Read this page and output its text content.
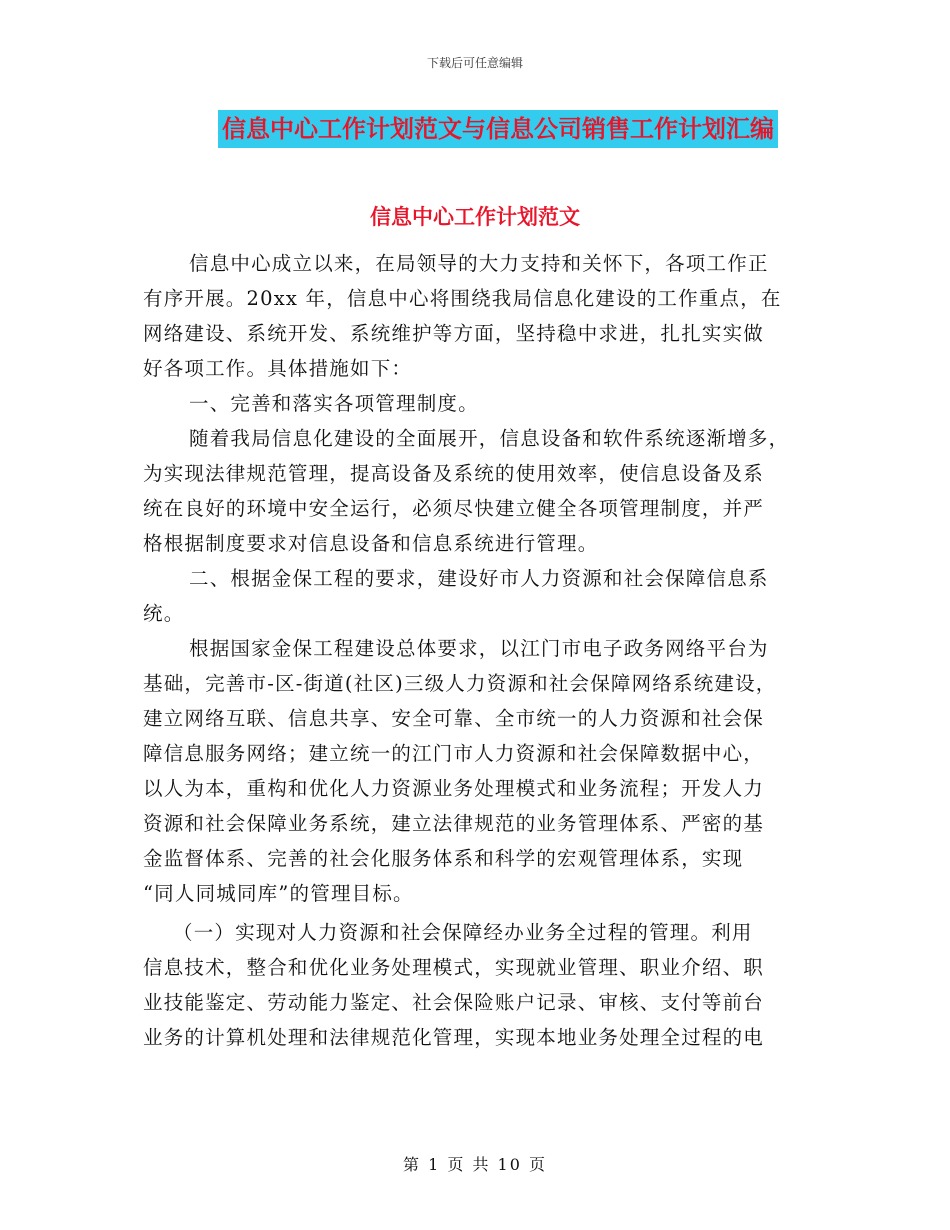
下载后可任意编辑
信息中心工作计划范文与信息公司销售工作计划汇编
信息中心工作计划范文
信息中心成立以来，在局领导的大力支持和关怀下，各项工作正
有序开展。20xx 年，信息中心将围绕我局信息化建设的工作重点，在
网络建设、系统开发、系统维护等方面，坚持稳中求进，扎扎实实做
好各项工作。具体措施如下：
一、完善和落实各项管理制度。
随着我局信息化建设的全面展开，信息设备和软件系统逐渐增多，
为实现法律规范管理，提高设备及系统的使用效率，使信息设备及系
统在良好的环境中安全运行，必须尽快建立健全各项管理制度，并严
格根据制度要求对信息设备和信息系统进行管理。
二、根据金保工程的要求，建设好市人力资源和社会保障信息系
统。
根据国家金保工程建设总体要求，以江门市电子政务网络平台为
基础，完善市-区-街道(社区)三级人力资源和社会保障网络系统建设，
建立网络互联、信息共享、安全可靠、全市统一的人力资源和社会保
障信息服务网络；建立统一的江门市人力资源和社会保障数据中心，
以人为本，重构和优化人力资源业务处理模式和业务流程；开发人力
资源和社会保障业务系统，建立法律规范的业务管理体系、严密的基
金监督体系、完善的社会化服务体系和科学的宏观管理体系，实现
“同人同城同库”的管理目标。
（一）实现对人力资源和社会保障经办业务全过程的管理。利用
信息技术，整合和优化业务处理模式，实现就业管理、职业介绍、职
业技能鉴定、劳动能力鉴定、社会保险账户记录、审核、支付等前台
业务的计算机处理和法律规范化管理，实现本地业务处理全过程的电
第 1 页 共 10 页
